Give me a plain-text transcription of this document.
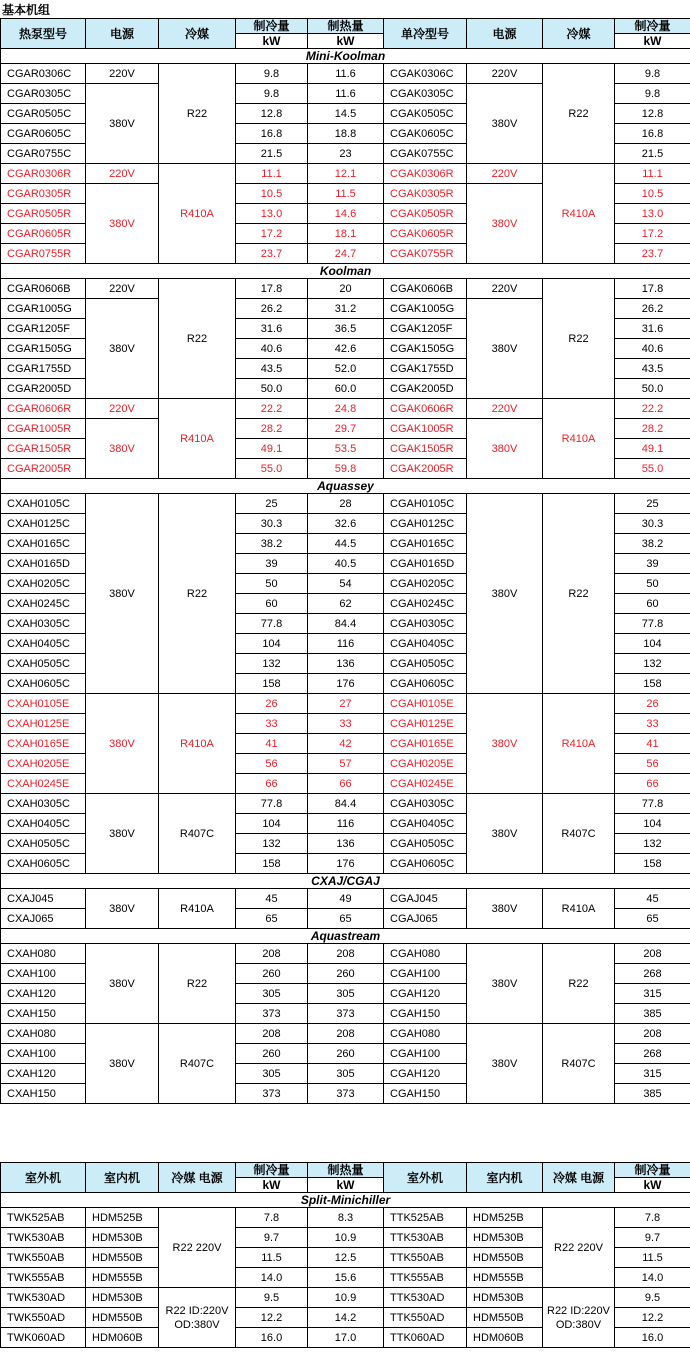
基本机组
热泵型号	电源	冷媒	制冷量	制热量	单冷型号	电源	冷媒	制冷量
			kW	kW				kW
Mini-Koolman								
CGAR0306C	220V	R22	9.8	11.6	CGAK0306C	220V	R22	9.8
CGAR0305C	380V		9.8	11.6	CGAK0305C	380V		9.8
CGAR0505C			12.8	14.5	CGAK0505C			12.8
CGAR0605C			16.8	18.8	CGAK0605C			16.8
CGAR0755C			21.5	23	CGAK0755C			21.5
CGAR0306R	220V	R410A	11.1	12.1	CGAK0306R	220V	R410A	11.1
CGAR0305R	380V		10.5	11.5	CGAK0305R	380V		10.5
CGAR0505R			13.0	14.6	CGAK0505R			13.0
CGAR0605R			17.2	18.1	CGAK0605R			17.2
CGAR0755R			23.7	24.7	CGAK0755R			23.7
Koolman								
CGAR0606B	220V	R22	17.8	20	CGAK0606B	220V	R22	17.8
CGAR1005G	380V		26.2	31.2	CGAK1005G	380V		26.2
CGAR1205F			31.6	36.5	CGAK1205F			31.6
CGAR1505G			40.6	42.6	CGAK1505G			40.6
CGAR1755D			43.5	52.0	CGAK1755D			43.5
CGAR2005D			50.0	60.0	CGAK2005D			50.0
CGAR0606R	220V	R410A	22.2	24.8	CGAK0606R	220V	R410A	22.2
CGAR1005R	380V		28.2	29.7	CGAK1005R	380V		28.2
CGAR1505R			49.1	53.5	CGAK1505R			49.1
CGAR2005R			55.0	59.8	CGAK2005R			55.0
Aquassey								
CXAH0105C	380V	R22	25	28	CGAH0105C	380V	R22	25
CXAH0125C			30.3	32.6	CGAH0125C			30.3
CXAH0165C			38.2	44.5	CGAH0165C			38.2
CXAH0165D			39	40.5	CGAH0165D			39
CXAH0205C			50	54	CGAH0205C			50
CXAH0245C			60	62	CGAH0245C			60
CXAH0305C			77.8	84.4	CGAH0305C			77.8
CXAH0405C			104	116	CGAH0405C			104
CXAH0505C			132	136	CGAH0505C			132
CXAH0605C			158	176	CGAH0605C			158
CXAH0105E	380V	R410A	26	27	CGAH0105E	380V	R410A	26
CXAH0125E			33	33	CGAH0125E			33
CXAH0165E			41	42	CGAH0165E			41
CXAH0205E			56	57	CGAH0205E			56
CXAH0245E			66	66	CGAH0245E			66
CXAH0305C	380V	R407C	77.8	84.4	CGAH0305C	380V	R407C	77.8
CXAH0405C			104	116	CGAH0405C			104
CXAH0505C			132	136	CGAH0505C			132
CXAH0605C			158	176	CGAH0605C			158
CXAJ/CGAJ								
CXAJ045	380V	R410A	45	49	CGAJ045	380V	R410A	45
CXAJ065			65	65	CGAJ065			65
Aquastream								
CXAH080	380V	R22	208	208	CGAH080	380V	R22	208
CXAH100			260	260	CGAH100			268
CXAH120			305	305	CGAH120			315
CXAH150			373	373	CGAH150			385
CXAH080	380V	R407C	208	208	CGAH080	380V	R407C	208
CXAH100			260	260	CGAH100			268
CXAH120			305	305	CGAH120			315
CXAH150			373	373	CGAH150			385
室外机	室内机	冷媒 电源	制冷量	制热量	室外机	室内机	冷媒 电源	制冷量
			kW	kW				kW
Split-Minichiller								
TWK525AB	HDM525B	R22 220V	7.8	8.3	TTK525AB	HDM525B	R22 220V	7.8
TWK530AB	HDM530B		9.7	10.9	TTK530AB	HDM530B		9.7
TWK550AB	HDM550B		11.5	12.5	TTK550AB	HDM550B		11.5
TWK555AB	HDM555B		14.0	15.6	TTK555AB	HDM555B		14.0
TWK530AD	HDM530B	R22 ID:220V OD:380V	9.5	10.9	TTK530AD	HDM530B	R22 ID:220V OD:380V	9.5
TWK550AD	HDM550B		12.2	14.2	TTK550AD	HDM550B		12.2
TWK060AD	HDM060B		16.0	17.0	TTK060AD	HDM060B		16.0
